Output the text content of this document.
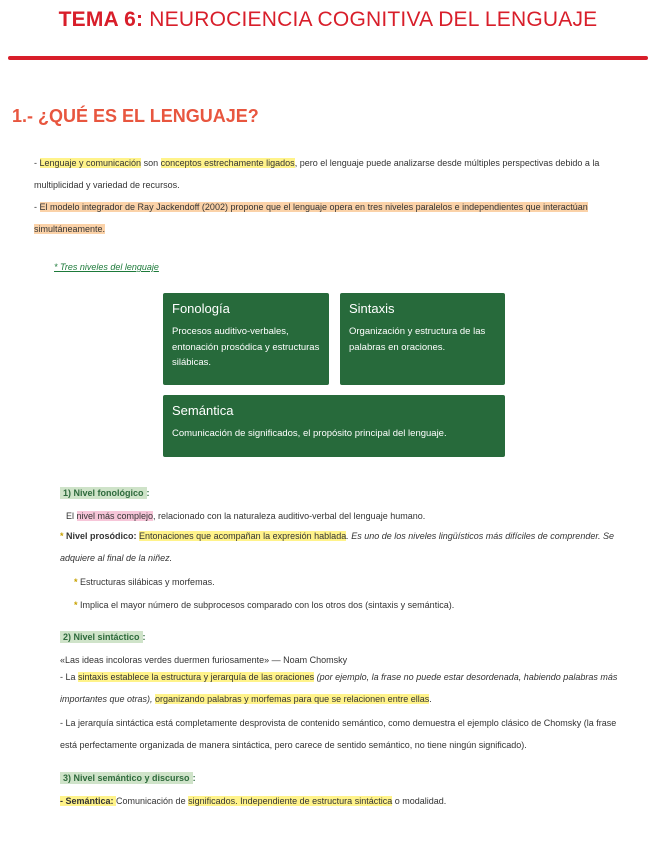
TEMA 6: NEUROCIENCIA COGNITIVA DEL LENGUAJE
1.- ¿QUÉ ES EL LENGUAJE?
- Lenguaje y comunicación son conceptos estrechamente ligados, pero el lenguaje puede analizarse desde múltiples perspectivas debido a la multiplicidad y variedad de recursos.
- El modelo integrador de Ray Jackendoff (2002) propone que el lenguaje opera en tres niveles paralelos e independientes que interactúan simultáneamente.
* Tres niveles del lenguaje
Fonología
Procesos auditivo-verbales, entonación prosódica y estructuras silábicas.
Sintaxis
Organización y estructura de las palabras en oraciones.
Semántica
Comunicación de significados, el propósito principal del lenguaje.
1) Nivel fonológico :
El nivel más complejo, relacionado con la naturaleza auditivo-verbal del lenguaje humano.
* Nivel prosódico: Entonaciones que acompañan la expresión hablada. Es uno de los niveles lingüísticos más difíciles de comprender. Se adquiere al final de la niñez.
* Estructuras silábicas y morfemas.
* Implica el mayor número de subprocesos comparado con los otros dos (sintaxis y semántica).
2) Nivel sintáctico :
«Las ideas incoloras verdes duermen furiosamente» — Noam Chomsky
- La sintaxis establece la estructura y jerarquía de las oraciones (por ejemplo, la frase no puede estar desordenada, habiendo palabras más importantes que otras), organizando palabras y morfemas para que se relacionen entre ellas.
- La jerarquía sintáctica está completamente desprovista de contenido semántico, como demuestra el ejemplo clásico de Chomsky (la frase está perfectamente organizada de manera sintáctica, pero carece de sentido semántico, no tiene ningún significado).
3) Nivel semántico y discurso :
- Semántica: Comunicación de significados. Independiente de estructura sintáctica o modalidad.
